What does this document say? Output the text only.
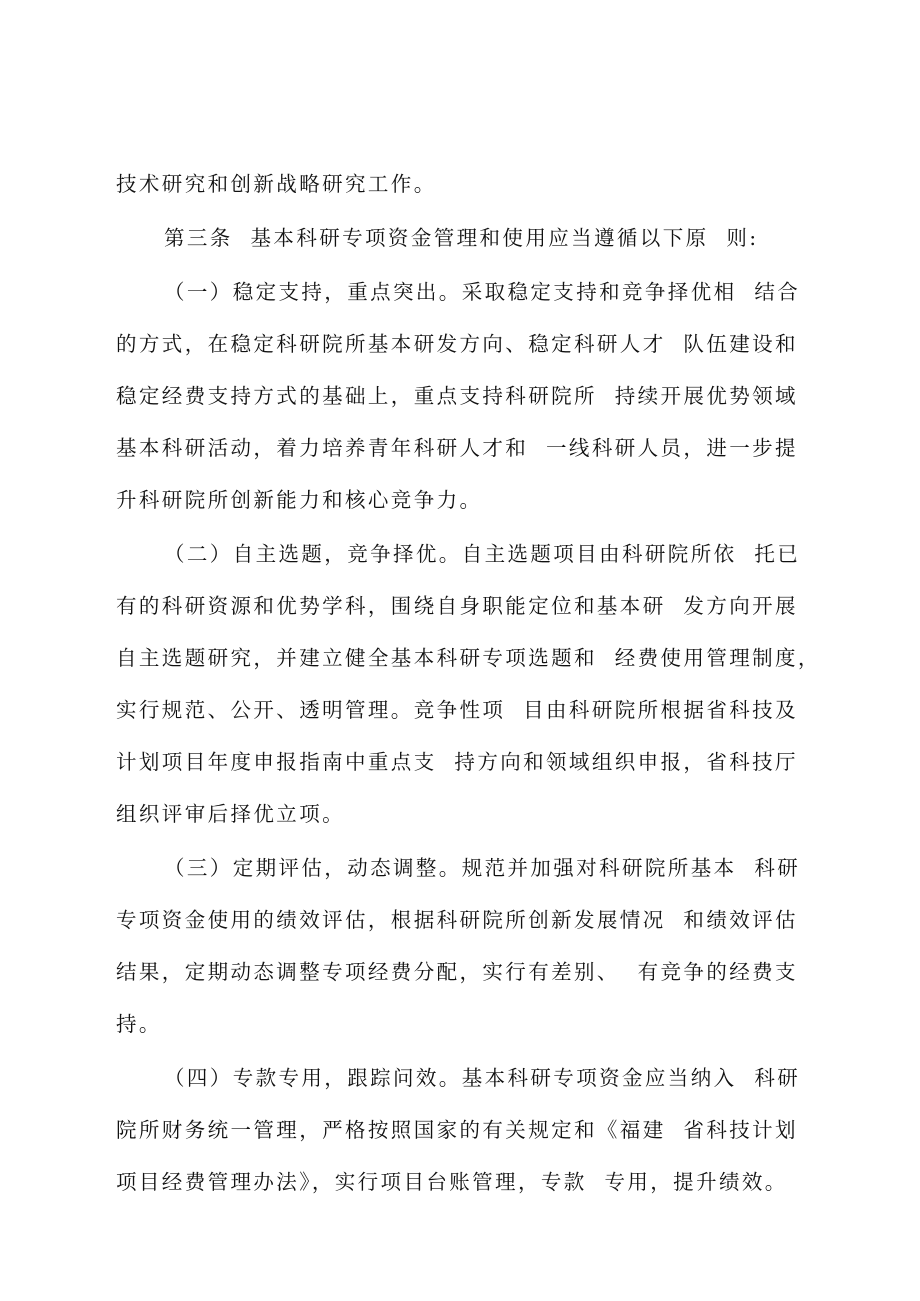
技术研究和创新战略研究工作。
第三条  基本科研专项资金管理和使用应当遵循以下原  则:
（一）稳定支持，重点突出。采取稳定支持和竞争择优相  结合
的方式，在稳定科研院所基本研发方向、稳定科研人才  队伍建设和
稳定经费支持方式的基础上，重点支持科研院所  持续开展优势领域
基本科研活动，着力培养青年科研人才和  一线科研人员，进一步提
升科研院所创新能力和核心竞争力。
（二）自主选题，竞争择优。自主选题项目由科研院所依  托已
有的科研资源和优势学科，围绕自身职能定位和基本研  发方向开展
自主选题研究，并建立健全基本科研专项选题和  经费使用管理制度，
实行规范、公开、透明管理。竞争性项  目由科研院所根据省科技及
计划项目年度申报指南中重点支  持方向和领域组织申报，省科技厅
组织评审后择优立项。
（三）定期评估，动态调整。规范并加强对科研院所基本  科研
专项资金使用的绩效评估，根据科研院所创新发展情况  和绩效评估
结果，定期动态调整专项经费分配，实行有差别、  有竞争的经费支
持。
（四）专款专用，跟踪问效。基本科研专项资金应当纳入  科研
院所财务统一管理，严格按照国家的有关规定和《福建  省科技计划
项目经费管理办法》，实行项目台账管理，专款  专用，提升绩效。
